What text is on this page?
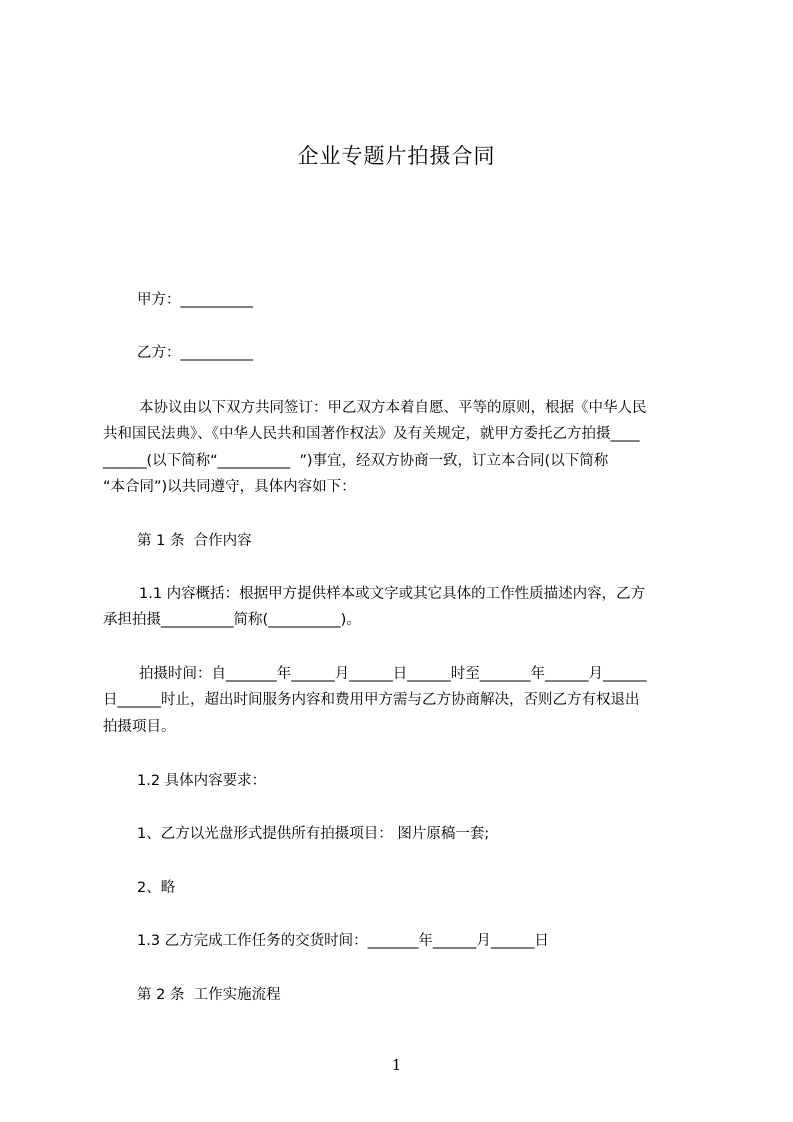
企业专题片拍摄合同
甲方：__________
乙方：__________
本协议由以下双方共同签订：甲乙双方本着自愿、平等的原则，根据《中华人民
共和国民法典》、《中华人民共和国著作权法》及有关规定，就甲方委托乙方拍摄____
______(以下简称“__________  ”)事宜，经双方协商一致，订立本合同(以下简称
“本合同”)以共同遵守，具体内容如下：
第 1 条  合作内容
1.1 内容概括：根据甲方提供样本或文字或其它具体的工作性质描述内容，乙方
承担拍摄__________简称(__________)。
拍摄时间：自_______年______月______日______时至_______年______月______
日______时止，超出时间服务内容和费用甲方需与乙方协商解决，否则乙方有权退出
拍摄项目。
1.2 具体内容要求：
1、乙方以光盘形式提供所有拍摄项目： 图片原稿一套;
2、略
1.3 乙方完成工作任务的交货时间：_______年______月______日
第 2 条  工作实施流程
1
